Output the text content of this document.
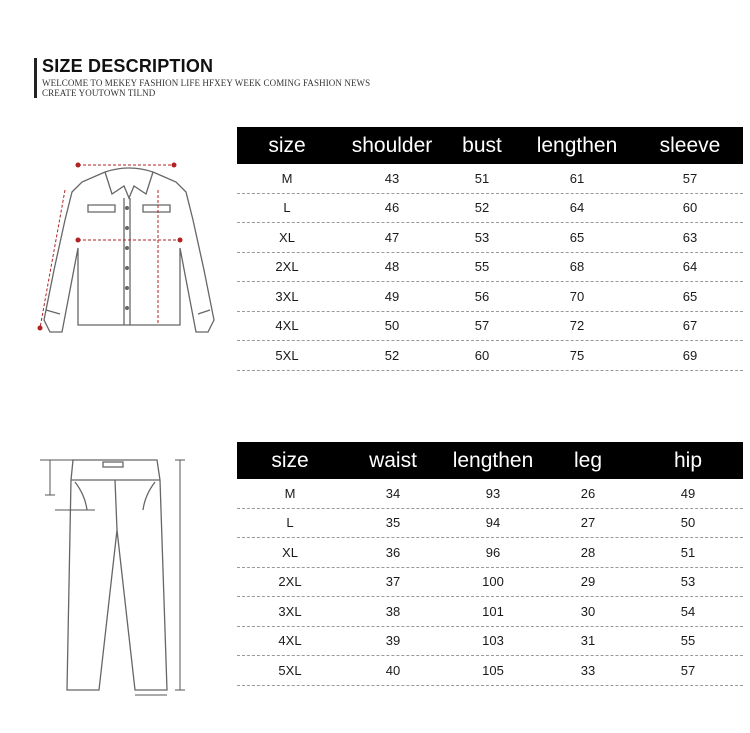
SIZE DESCRIPTION
WELCOME TO MEKEY FASHION LIFE HFXEY WEEK COMING FASHION NEWS
CREATE YOUTOWN TILND
size	shoulder	bust	lengthen	sleeve
M	43	51	61	57
L	46	52	64	60
XL	47	53	65	63
2XL	48	55	68	64
3XL	49	56	70	65
4XL	50	57	72	67
5XL	52	60	75	69
size	waist	lengthen	leg	hip
M	34	93	26	49
L	35	94	27	50
XL	36	96	28	51
2XL	37	100	29	53
3XL	38	101	30	54
4XL	39	103	31	55
5XL	40	105	33	57
